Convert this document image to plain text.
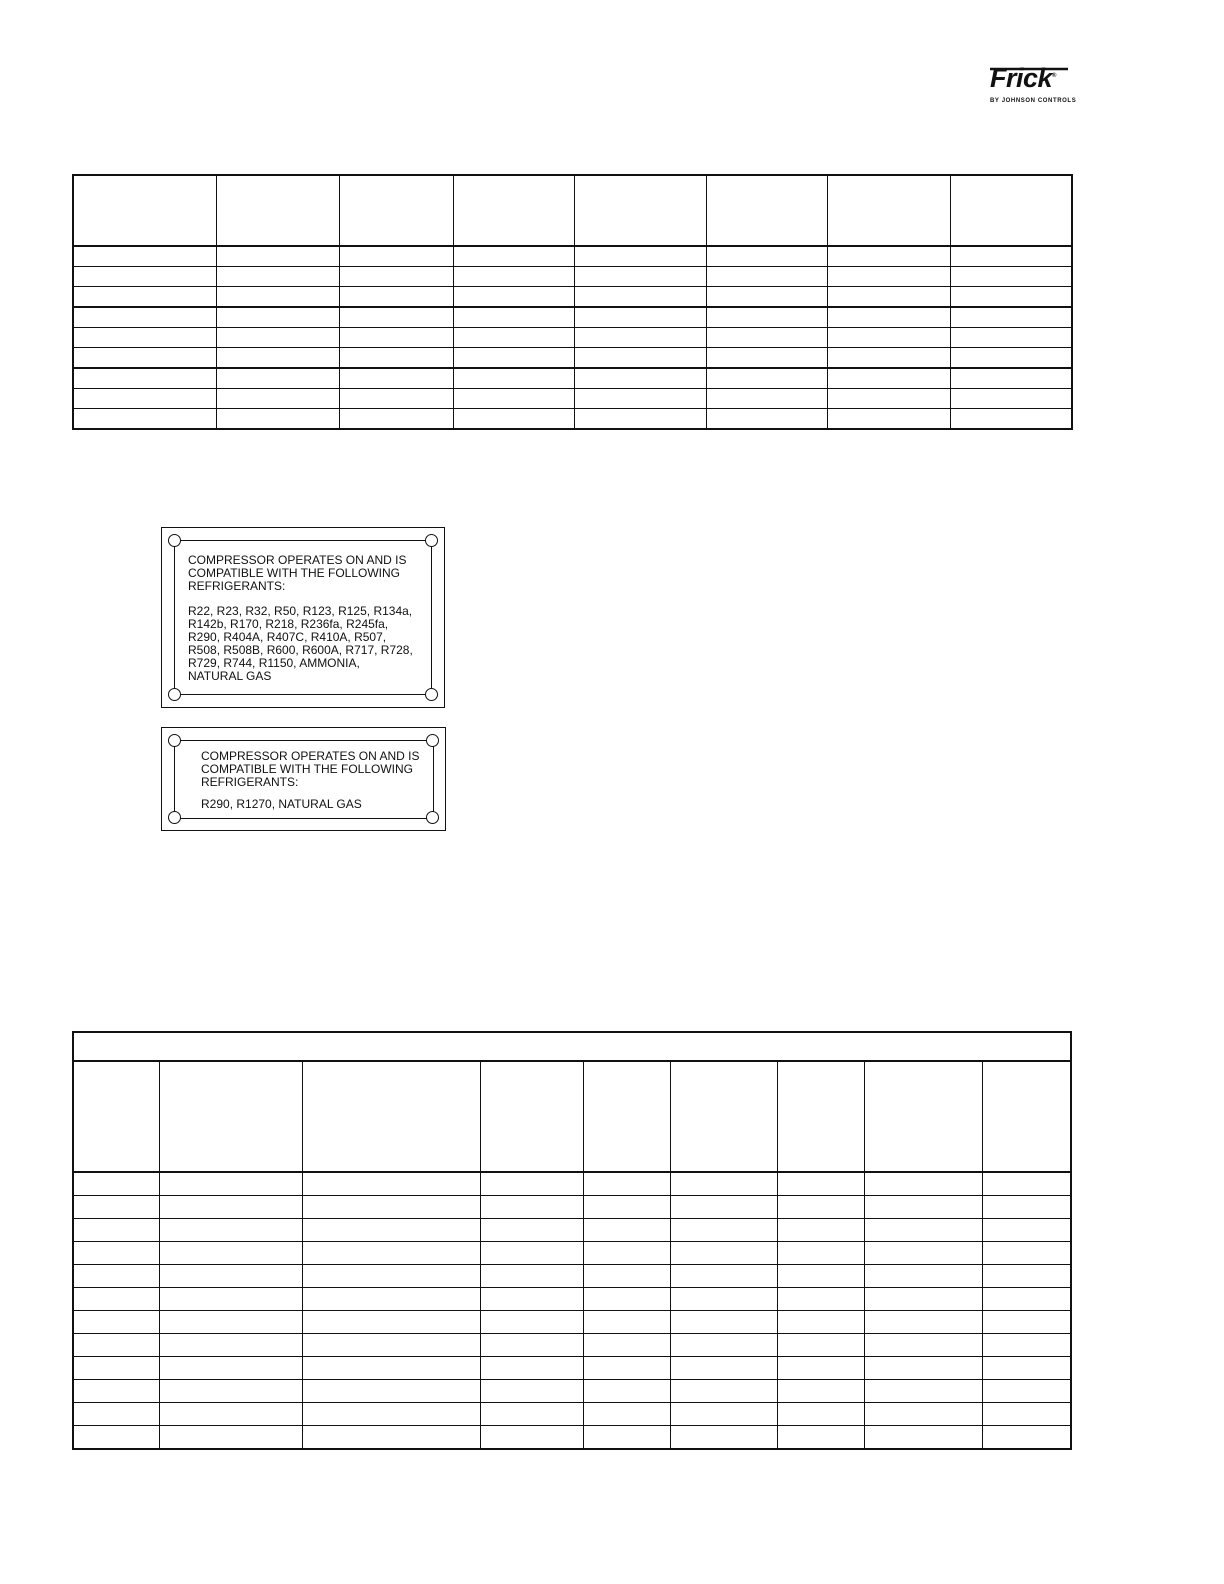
Frick®
BY JOHNSON CONTROLS

COMPRESSOR OPERATES ON AND IS
COMPATIBLE WITH THE FOLLOWING
REFRIGERANTS:
R22, R23, R32, R50, R123, R125, R134a,
R142b, R170, R218, R236fa, R245fa,
R290, R404A, R407C, R410A, R507,
R508, R508B, R600, R600A, R717, R728,
R729, R744, R1150, AMMONIA,
NATURAL GAS
COMPRESSOR OPERATES ON AND IS
COMPATIBLE WITH THE FOLLOWING
REFRIGERANTS:
R290, R1270, NATURAL GAS
